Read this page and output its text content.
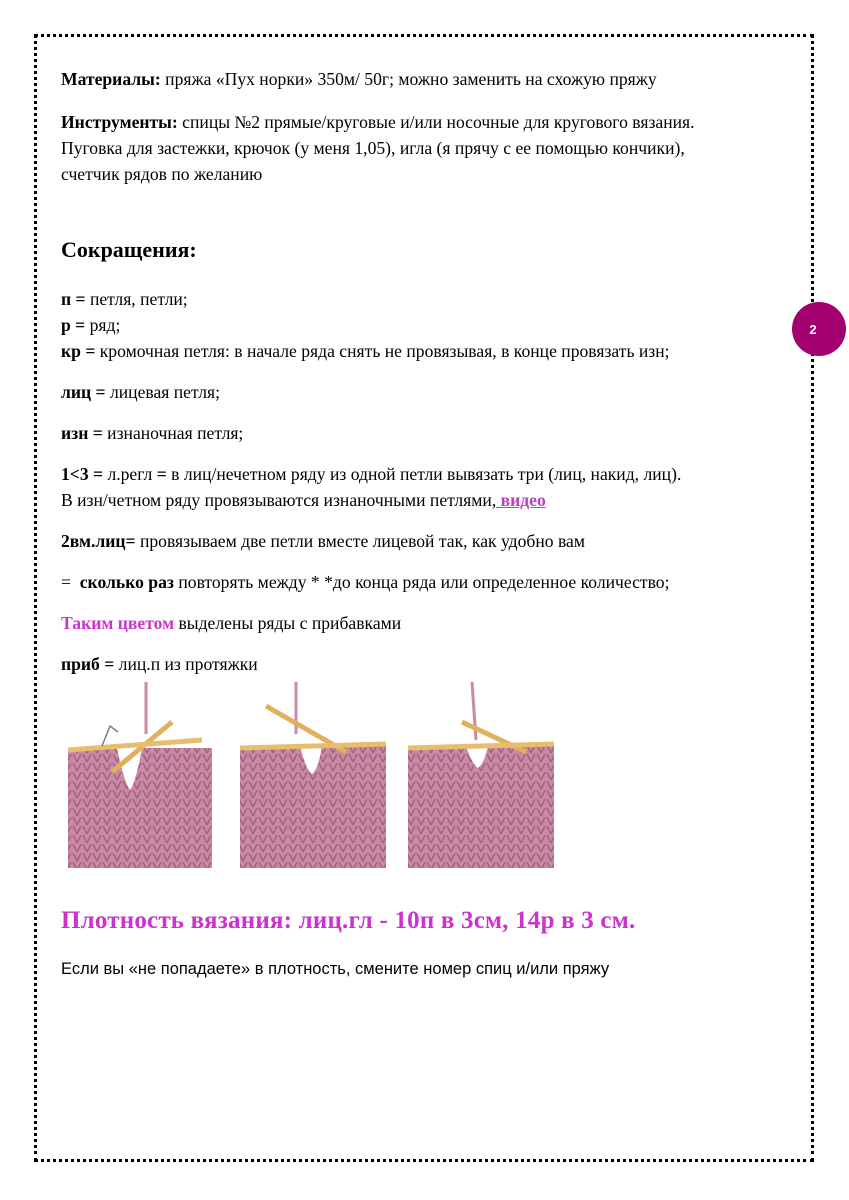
2

Материалы: пряжа «Пух норки» 350м/ 50г; можно заменить на схожую пряжу

Инструменты: спицы №2 прямые/круговые и/или носочные для кругового вязания.
Пуговка для застежки, крючок (у меня 1,05), игла (я прячу с ее помощью кончики),
счетчик рядов по желанию

Сокращения:

п = петля, петли;
р = ряд;
кр = кромочная петля: в начале ряда снять не провязывая, в конце провязать изн;

лиц = лицевая петля;

изн = изнаночная петля;

1<3 = л.регл = в лиц/нечетном ряду из одной петли вывязать три (лиц, накид, лиц).
В изн/четном ряду провязываются изнаночными петлями, видео

2вм.лиц= провязываем две петли вместе лицевой так, как удобно вам

= сколько раз повторять между * *до конца ряда или определенное количество;

Таким цветом выделены ряды с прибавками

приб = лиц.п из протяжки

Плотность вязания: лиц.гл - 10п в 3см, 14р в 3 см.
Если вы «не попадаете» в плотность, смените номер спиц и/или пряжу
